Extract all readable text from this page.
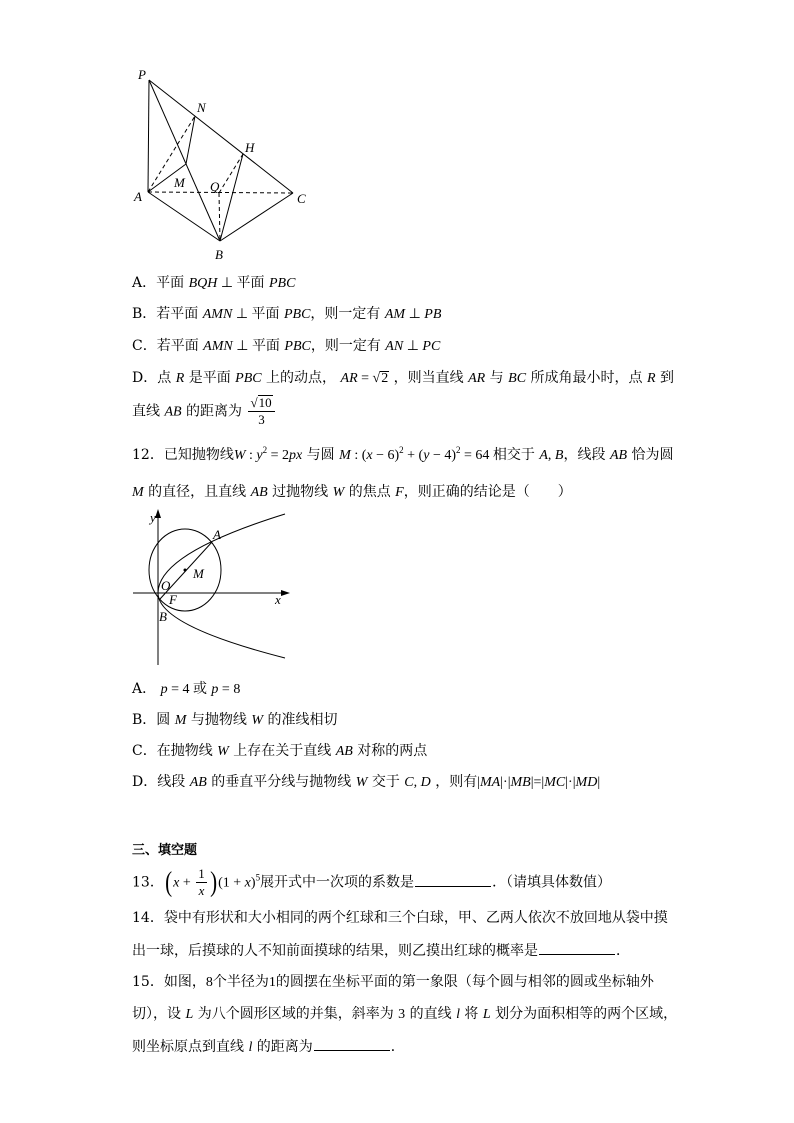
P
N
H
M
A
Q
C
B
A．平面 BQH ⊥ 平面 PBC
B．若平面 AMN ⊥ 平面 PBC，则一定有 AM ⊥ PB
C．若平面 AMN ⊥ 平面 PBC，则一定有 AN ⊥ PC
D．点 R 是平面 PBC 上的动点， AR = √2 ，则当直线 AR 与 BC 所成角最小时，点 R 到
直线 AB 的距离为
√ $\frac{10}{3}$
12．已知抛物线W : $y^2 = 2px$ 与圆 M : $(x - 6)^2 + (y - 4)^2 = 64$ 相交于 A, B，线段 AB 恰为圆
M 的直径，且直线 AB 过抛物线 W 的焦点 F，则正确的结论是（　　）
y
A
M
O
F	x
B
A． p = 4 或 p = 8
B．圆 M 与抛物线 W 的准线相切
C．在抛物线 W 上存在关于直线 AB 对称的两点
D．线段 AB 的垂直平分线与抛物线 W 交于 C, D ，则有|MA|·|MB|=|MC|·|MD|
三、填空题
13．$(x + \frac{1}{x} )(1 + x)^5$展开式中一次项的系数是	．（请填具体数值）
14．袋中有形状和大小相同的两个红球和三个白球，甲、乙两人依次不放回地从袋中摸
出一球，后摸球的人不知前面摸球的结果，则乙摸出红球的概率是	．
15．如图，8个半径为1的圆摆在坐标平面的第一象限（每个圆与相邻的圆或坐标轴外
切），设 L 为八个圆形区域的并集，斜率为 3 的直线 l 将 L 划分为面积相等的两个区域，
则坐标原点到直线 l 的距离为	．
